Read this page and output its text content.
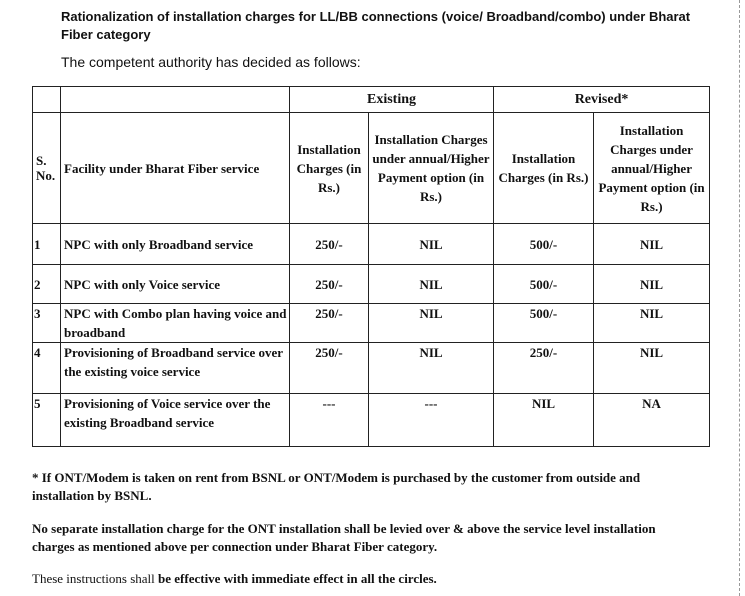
Rationalization of installation charges for LL/BB connections (voice/ Broadband/combo) under Bharat Fiber category
The competent authority has decided as follows:
		Existing		Revised*	
S. No.	Facility under Bharat Fiber service	Installation Charges (in Rs.)	Installation Charges under annual/Higher Payment option (in Rs.)	Installation Charges (in Rs.)	Installation Charges under annual/Higher Payment option (in Rs.)
1	NPC with only Broadband service	250/-	NIL	500/-	NIL
2	NPC with only Voice service	250/-	NIL	500/-	NIL
3	NPC with Combo plan having voice and broadband	250/-	NIL	500/-	NIL
4	Provisioning of Broadband service over the existing voice service	250/-	NIL	250/-	NIL
5	Provisioning of Voice service over the existing Broadband service	---	---	NIL	NA
* If ONT/Modem is taken on rent from BSNL or ONT/Modem is purchased by the customer from outside and installation by BSNL.
No separate installation charge for the ONT installation shall be levied over & above the service level installation charges as mentioned above per connection under Bharat Fiber category.
These instructions shall be effective with immediate effect in all the circles.
